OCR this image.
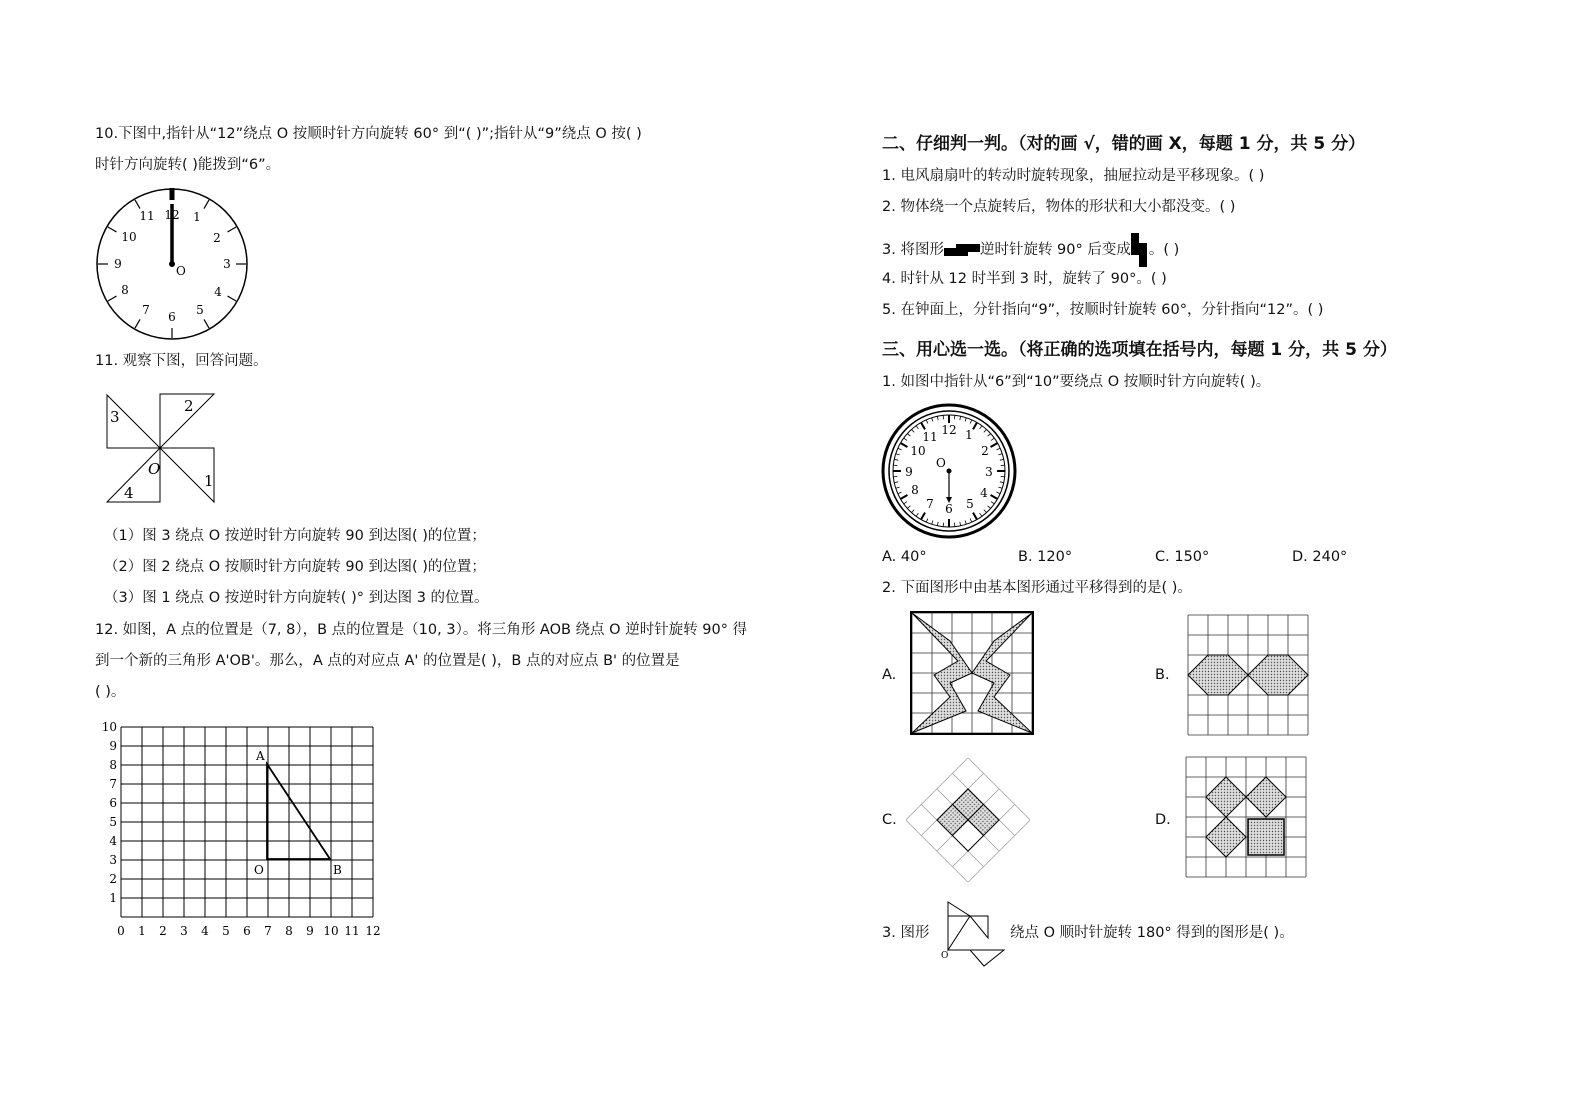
10.下图中,指针从“12”绕点 O 按顺时针方向旋转 60° 到“( )”;指针从“9”绕点 O 按( )
时针方向旋转( )能拨到“6”。
12 1
2
3
4
5
6
7
8
9
10
11
O
11. 观察下图，回答问题。
3
2
1
4
O
（1）图 3 绕点 O 按逆时针方向旋转 90 到达图( )的位置；
（2）图 2 绕点 O 按顺时针方向旋转 90 到达图( )的位置；
（3）图 1 绕点 O 按逆时针方向旋转( )° 到达图 3 的位置。
12. 如图，A 点的位置是（7, 8），B 点的位置是（10, 3）。将三角形 AOB 绕点 O 逆时针旋转 90° 得
到一个新的三角形 A'OB'。那么，A 点的对应点 A' 的位置是( )，B 点的对应点 B' 的位置是
( )。
0 1 2 3 4 5 6 7 8 9 10 11 12
1
2
3
4
5
6
7
8
9
10
A
O	B
二、仔细判一判。（对的画 √，错的画 X，每题 1 分，共 5 分）
1. 电风扇扇叶的转动时旋转现象，抽屉拉动是平移现象。( )
2. 物体绕一个点旋转后，物体的形状和大小都没变。( )
3. 将图形 逆时针旋转 90° 后变成 。( )
4. 时针从 12 时半到 3 时，旋转了 90°。( )
5. 在钟面上，分针指向“9”，按顺时针旋转 60°，分针指向“12”。( )
三、用心选一选。（将正确的选项填在括号内，每题 1 分，共 5 分）
1. 如图中指针从“6”到“10”要绕点 O 按顺时针方向旋转( )。
12 1
2
3
4
5
6
7
8
9
10
11
O
A. 40°	B. 120°	C. 150°	D. 240°
2. 下面图形中由基本图形通过平移得到的是( )。
A.	B.
C.	D.
3. 图形
O
绕点 O 顺时针旋转 180° 得到的图形是( )。
